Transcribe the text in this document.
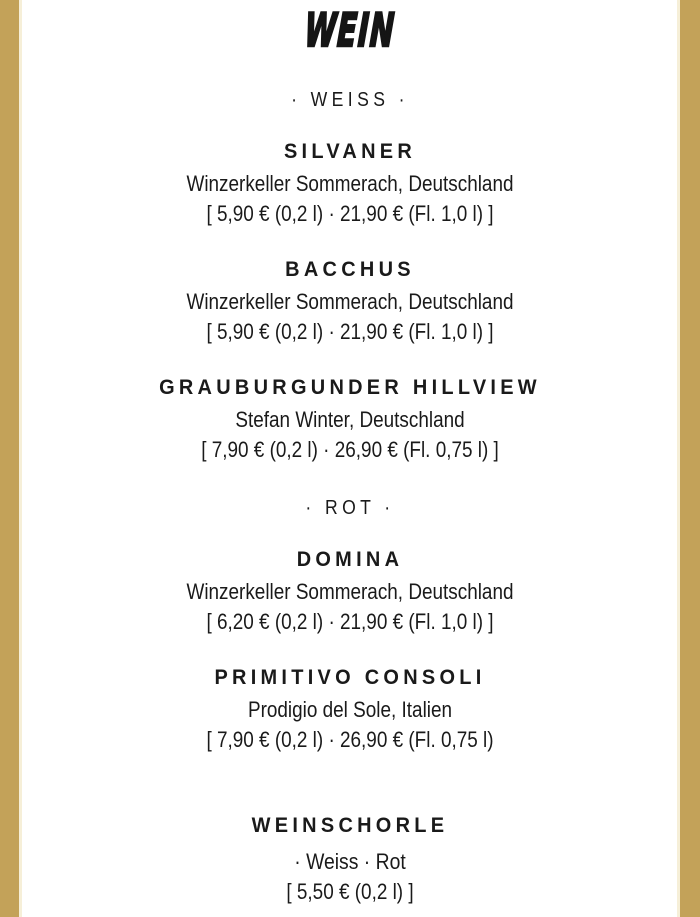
WEIN
· WEISS ·
SILVANER
Winzerkeller Sommerach, Deutschland
[ 5,90 € (0,2 l) · 21,90 € (Fl. 1,0 l) ]
BACCHUS
Winzerkeller Sommerach, Deutschland
[ 5,90 € (0,2 l) · 21,90 € (Fl. 1,0 l) ]
GRAUBURGUNDER HILLVIEW
Stefan Winter, Deutschland
[ 7,90 € (0,2 l) · 26,90 € (Fl. 0,75 l) ]
· ROT ·
DOMINA
Winzerkeller Sommerach, Deutschland
[ 6,20 € (0,2 l) · 21,90 € (Fl. 1,0 l) ]
PRIMITIVO CONSOLI
Prodigio del Sole, Italien
[ 7,90 € (0,2 l) · 26,90 € (Fl. 0,75 l)
WEINSCHORLE
· Weiss · Rot
[ 5,50 € (0,2 l) ]
